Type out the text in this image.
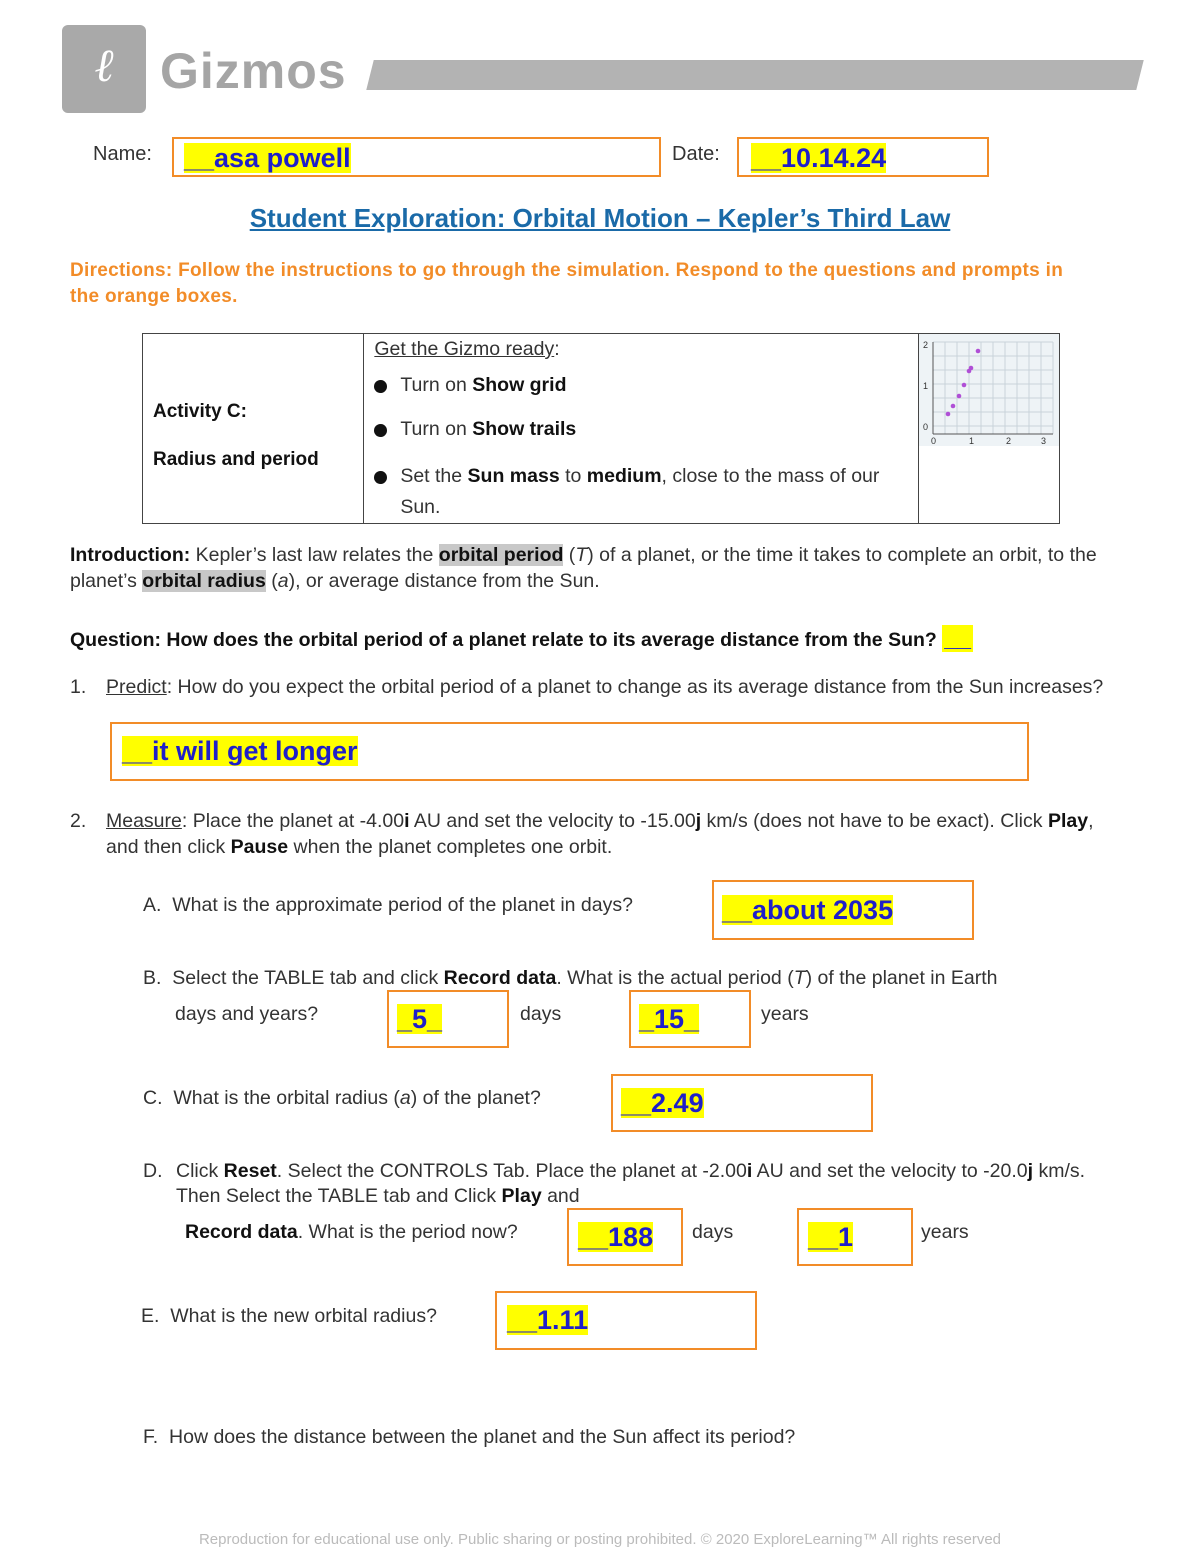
ℓ Gizmos
Name: __asa powell	Date: __10.14.24
Student Exploration: Orbital Motion – Kepler’s Third Law
Directions: Follow the instructions to go through the simulation. Respond to the questions and prompts in the orange boxes.
Activity C:
Radius and period

Get the Gizmo ready:
Turn on Show grid
Turn on Show trails
Set the Sun mass to medium, close to the mass of our Sun.

2
1
0
0	1	2	3
Introduction: Kepler’s last law relates the orbital period (T) of a planet, or the time it takes to complete an orbit, to the planet’s orbital radius (a), or average distance from the Sun.
Question: How does the orbital period of a planet relate to its average distance from the Sun? __
1.	Predict: How do you expect the orbital period of a planet to change as its average distance from the Sun increases?
__it will get longer
2.	Measure: Place the planet at -4.00i AU and set the velocity to -15.00j km/s (does not have to be exact). Click Play, and then click Pause when the planet completes one orbit.
A. What is the approximate period of the planet in days?	__about 2035
B. Select the TABLE tab and click Record data. What is the actual period (T) of the planet in Earth
days and years?	_5_	days	_15_	years
C. What is the orbital radius (a) of the planet?	__2.49
D. Click Reset. Select the CONTROLS Tab. Place the planet at -2.00i AU and set the velocity to -20.0j km/s. Then Select the TABLE tab and Click Play and
Record data. What is the period now? __188 days	__1	years
E. What is the new orbital radius?	__1.11
F. How does the distance between the planet and the Sun affect its period?
Reproduction for educational use only. Public sharing or posting prohibited. © 2020 ExploreLearning™ All rights reserved
